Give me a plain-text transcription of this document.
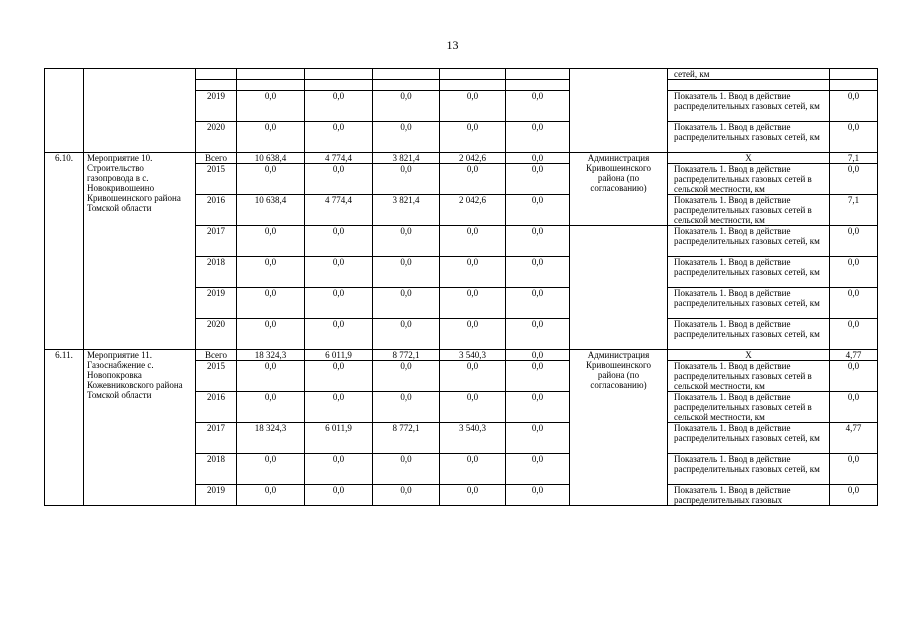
13
									сетей, км	

		2019	0,0	0,0	0,0	0,0	0,0		Показатель 1. Ввод в действие распределительных газовых сетей, км	0,0
		2020	0,0	0,0	0,0	0,0	0,0		Показатель 1. Ввод в действие распределительных газовых сетей, км	0,0
6.10.	Мероприятие 10. Строительство газопровода в с. Новокривошеино Кривошеинского района Томской области	Всего	10 638,4	4 774,4	3 821,4	2 042,6	0,0	Администрация Кривошеинского района (по согласованию)	Х	7,1
		2015	0,0	0,0	0,0	0,0	0,0		Показатель 1. Ввод в действие распределительных газовых сетей в сельской местности, км	0,0
		2016	10 638,4	4 774,4	3 821,4	2 042,6	0,0		Показатель 1. Ввод в действие распределительных газовых сетей в сельской местности, км	7,1
		2017	0,0	0,0	0,0	0,0	0,0		Показатель 1. Ввод в действие распределительных газовых сетей, км	0,0
		2018	0,0	0,0	0,0	0,0	0,0		Показатель 1. Ввод в действие распределительных газовых сетей, км	0,0
		2019	0,0	0,0	0,0	0,0	0,0		Показатель 1. Ввод в действие распределительных газовых сетей, км	0,0
		2020	0,0	0,0	0,0	0,0	0,0		Показатель 1. Ввод в действие распределительных газовых сетей, км	0,0
6.11.	Мероприятие 11. Газоснабжение с. Новопокровка Кожевниковского района Томской области	Всего	18 324,3	6 011,9	8 772,1	3 540,3	0,0	Администрация Кривошеинского района (по согласованию)	Х	4,77
		2015	0,0	0,0	0,0	0,0	0,0		Показатель 1. Ввод в действие распределительных газовых сетей в сельской местности, км	0,0
		2016	0,0	0,0	0,0	0,0	0,0		Показатель 1. Ввод в действие распределительных газовых сетей в сельской местности, км	0,0
		2017	18 324,3	6 011,9	8 772,1	3 540,3	0,0		Показатель 1. Ввод в действие распределительных газовых сетей, км	4,77
		2018	0,0	0,0	0,0	0,0	0,0		Показатель 1. Ввод в действие распределительных газовых сетей, км	0,0
		2019	0,0	0,0	0,0	0,0	0,0		Показатель 1. Ввод в действие распределительных газовых	0,0
